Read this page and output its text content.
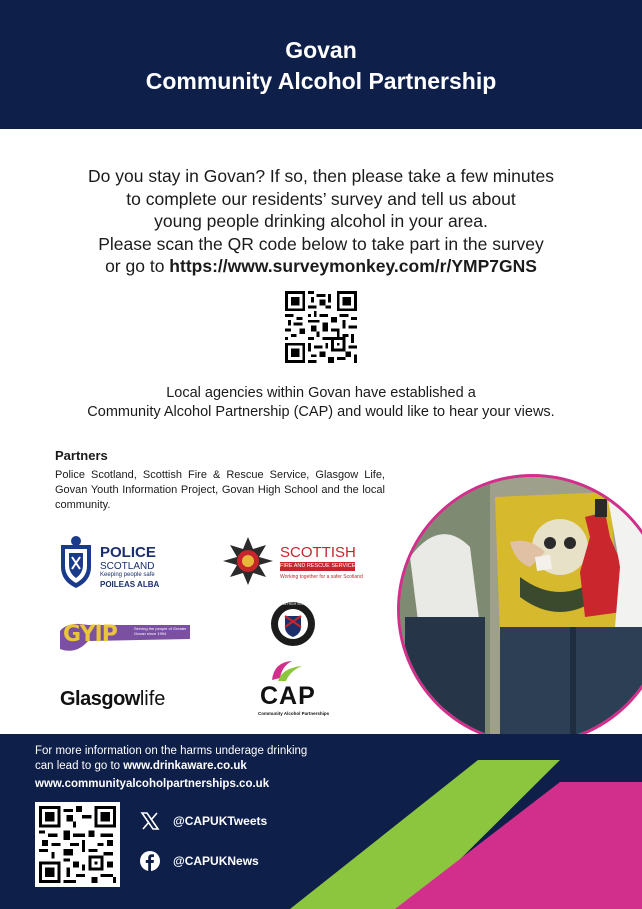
Govan
Community Alcohol Partnership
Do you stay in Govan? If so, then please take a few minutes
to complete our residents’ survey and tell us about
young people drinking alcohol in your area.
Please scan the QR code below to take part in the survey
or go to https://www.surveymonkey.com/r/YMP7GNS
Local agencies within Govan have established a
Community Alcohol Partnership (CAP) and would like to hear your views.
Partners
Police Scotland, Scottish Fire & Rescue Service, Glasgow Life, Govan Youth Information Project, Govan High School and the local community.
POLICE
SCOTLAND
Keeping people safe
POILEAS ALBA
SCOTTISH
FIRE AND RESCUE SERVICE
Working together for a safer Scotland
GYIP	Serving the people of Greater Govan since 1994
GOVAN HIGH SCHOOL
Glasgowlife	CAP
Community Alcohol Partnerships
For more information on the harms underage drinking
can lead to go to www.drinkaware.co.uk
www.communityalcoholpartnerships.co.uk
@CAPUKTweets
@CAPUKNews
